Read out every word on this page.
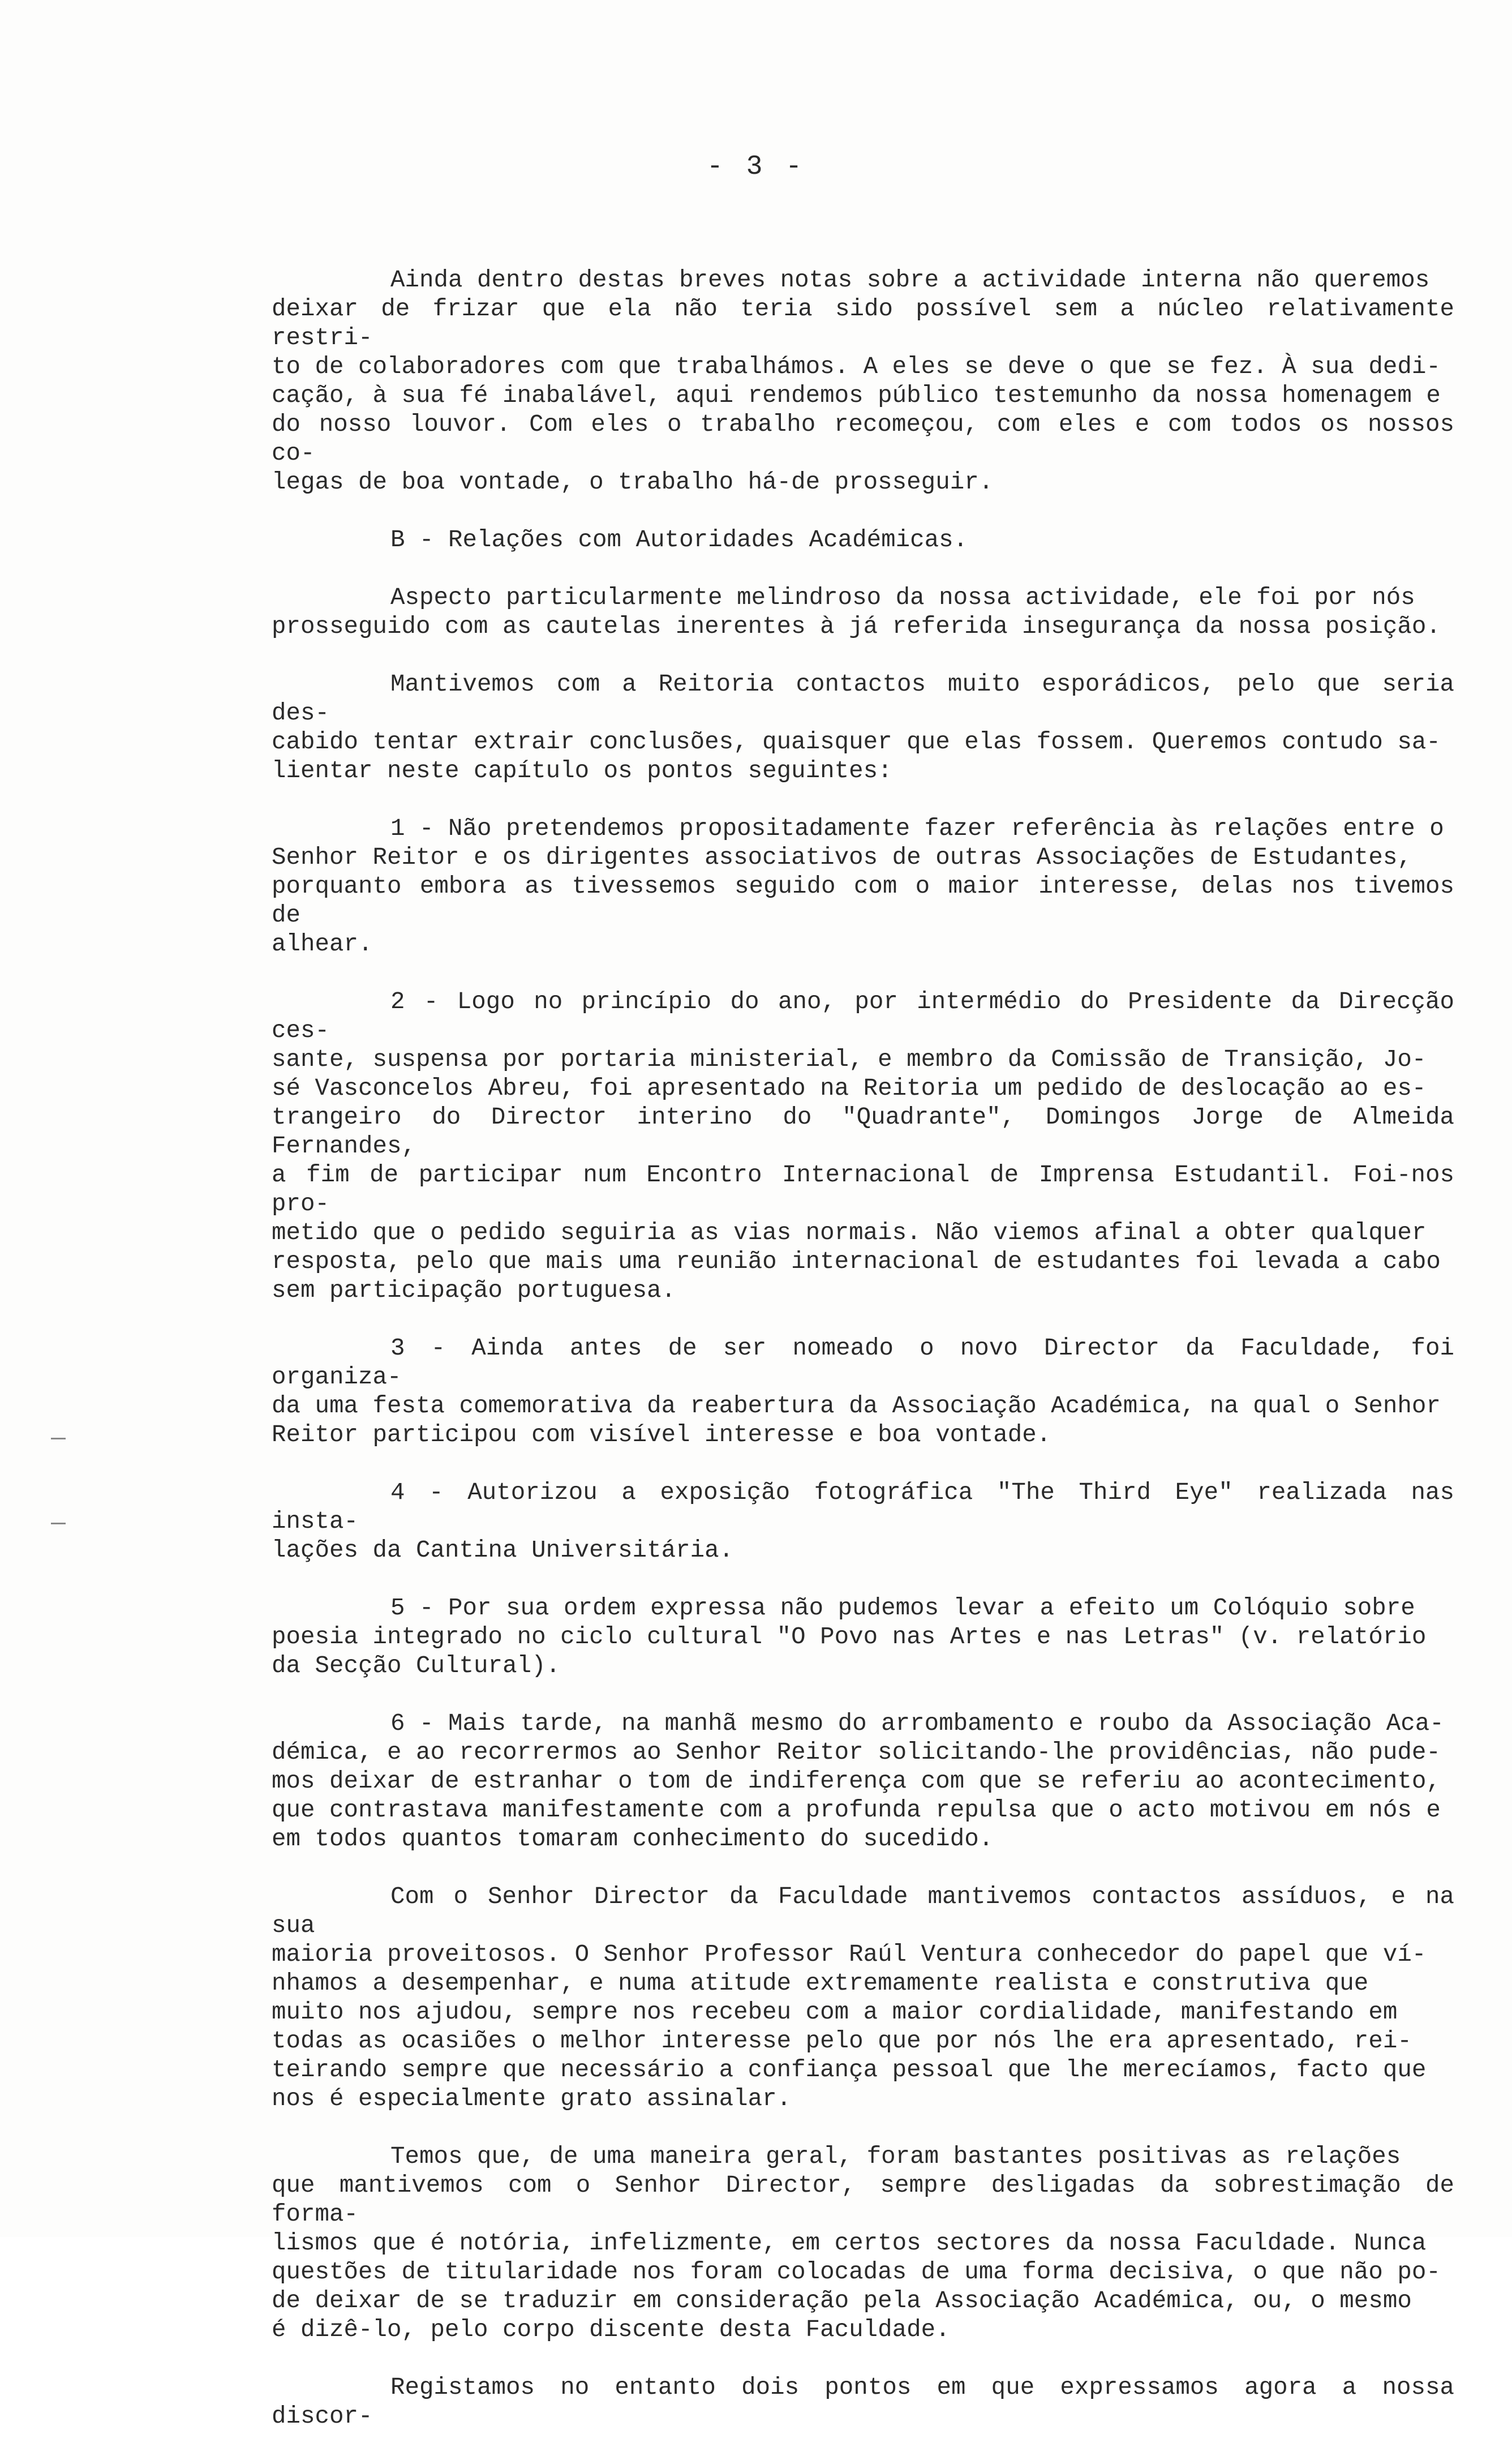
- 3 -

Ainda dentro destas breves notas sobre a actividade interna não queremos
deixar de frizar que ela não teria sido possível sem a núcleo relativamente restri-
to de colaboradores com que trabalhámos. A eles se deve o que se fez. À sua dedi-
cação, à sua fé inabalável, aqui rendemos público testemunho da nossa homenagem e
do nosso louvor. Com eles o trabalho recomeçou, com eles e com todos os nossos co-
legas de boa vontade, o trabalho há-de prosseguir.

B - Relações com Autoridades Académicas.

Aspecto particularmente melindroso da nossa actividade, ele foi por nós
prosseguido com as cautelas inerentes à já referida insegurança da nossa posição.

Mantivemos com a Reitoria contactos muito esporádicos, pelo que seria des-
cabido tentar extrair conclusões, quaisquer que elas fossem. Queremos contudo sa-
lientar neste capítulo os pontos seguintes:

1 - Não pretendemos propositadamente fazer referência às relações entre o
Senhor Reitor e os dirigentes associativos de outras Associações de Estudantes,
porquanto embora as tivessemos seguido com o maior interesse, delas nos tivemos de
alhear.

2 - Logo no princípio do ano, por intermédio do Presidente da Direcção ces-
sante, suspensa por portaria ministerial, e membro da Comissão de Transição, Jo-
sé Vasconcelos Abreu, foi apresentado na Reitoria um pedido de deslocação ao es-
trangeiro do Director interino do "Quadrante", Domingos Jorge de Almeida Fernandes,
a fim de participar num Encontro Internacional de Imprensa Estudantil. Foi-nos pro-
metido que o pedido seguiria as vias normais. Não viemos afinal a obter qualquer
resposta, pelo que mais uma reunião internacional de estudantes foi levada a cabo
sem participação portuguesa.

3 - Ainda antes de ser nomeado o novo Director da Faculdade, foi organiza-
da uma festa comemorativa da reabertura da Associação Académica, na qual o Senhor
Reitor participou com visível interesse e boa vontade.

4 - Autorizou a exposição fotográfica "The Third Eye" realizada nas insta-
lações da Cantina Universitária.

5 - Por sua ordem expressa não pudemos levar a efeito um Colóquio sobre
poesia integrado no ciclo cultural "O Povo nas Artes e nas Letras" (v. relatório
da Secção Cultural).

6 - Mais tarde, na manhã mesmo do arrombamento e roubo da Associação Aca-
démica, e ao recorrermos ao Senhor Reitor solicitando-lhe providências, não pude-
mos deixar de estranhar o tom de indiferença com que se referiu ao acontecimento,
que contrastava manifestamente com a profunda repulsa que o acto motivou em nós e
em todos quantos tomaram conhecimento do sucedido.

Com o Senhor Director da Faculdade mantivemos contactos assíduos, e na sua
maioria proveitosos. O Senhor Professor Raúl Ventura conhecedor do papel que ví-
nhamos a desempenhar, e numa atitude extremamente realista e construtiva que
muito nos ajudou, sempre nos recebeu com a maior cordialidade, manifestando em
todas as ocasiões o melhor interesse pelo que por nós lhe era apresentado, rei-
teirando sempre que necessário a confiança pessoal que lhe merecíamos, facto que
nos é especialmente grato assinalar.

Temos que, de uma maneira geral, foram bastantes positivas as relações
que mantivemos com o Senhor Director, sempre desligadas da sobrestimação de forma-
lismos que é notória, infelizmente, em certos sectores da nossa Faculdade. Nunca
questões de titularidade nos foram colocadas de uma forma decisiva, o que não po-
de deixar de se traduzir em consideração pela Associação Académica, ou, o mesmo
é dizê-lo, pelo corpo discente desta Faculdade.

Registamos no entanto dois pontos em que expressamos agora a nossa discor-
